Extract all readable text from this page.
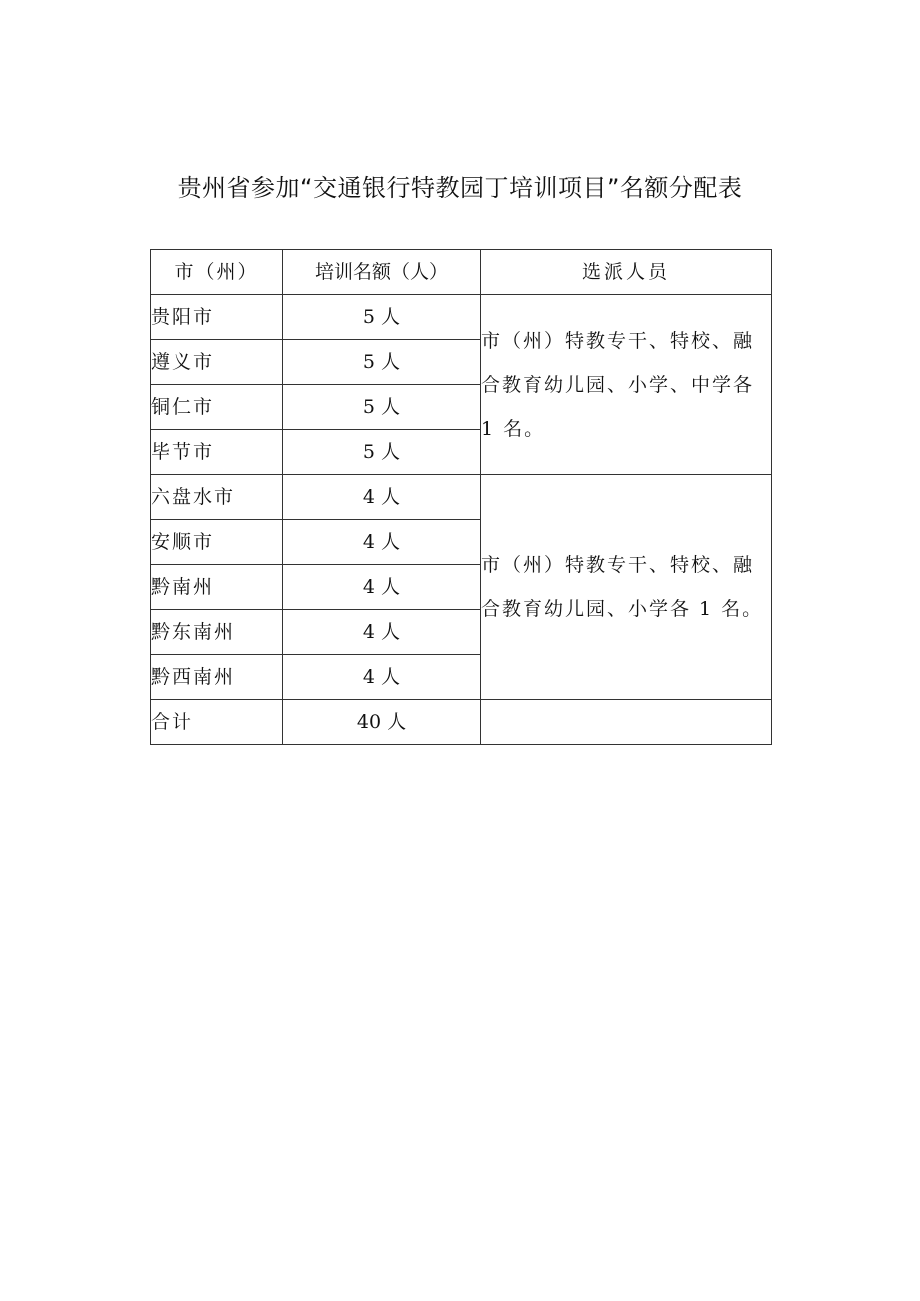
贵州省参加“交通银行特教园丁培训项目”名额分配表
市（州）	培训名额（人）	选派人员
贵阳市	5 人	市（州）特教专干、特校、融合教育幼儿园、小学、中学各 1 名。
遵义市	5 人	
铜仁市	5 人	
毕节市	5 人	
六盘水市	4 人	市（州）特教专干、特校、融合教育幼儿园、小学各 1 名。
安顺市	4 人	
黔南州	4 人	
黔东南州	4 人	
黔西南州	4 人	
合计	40 人	
